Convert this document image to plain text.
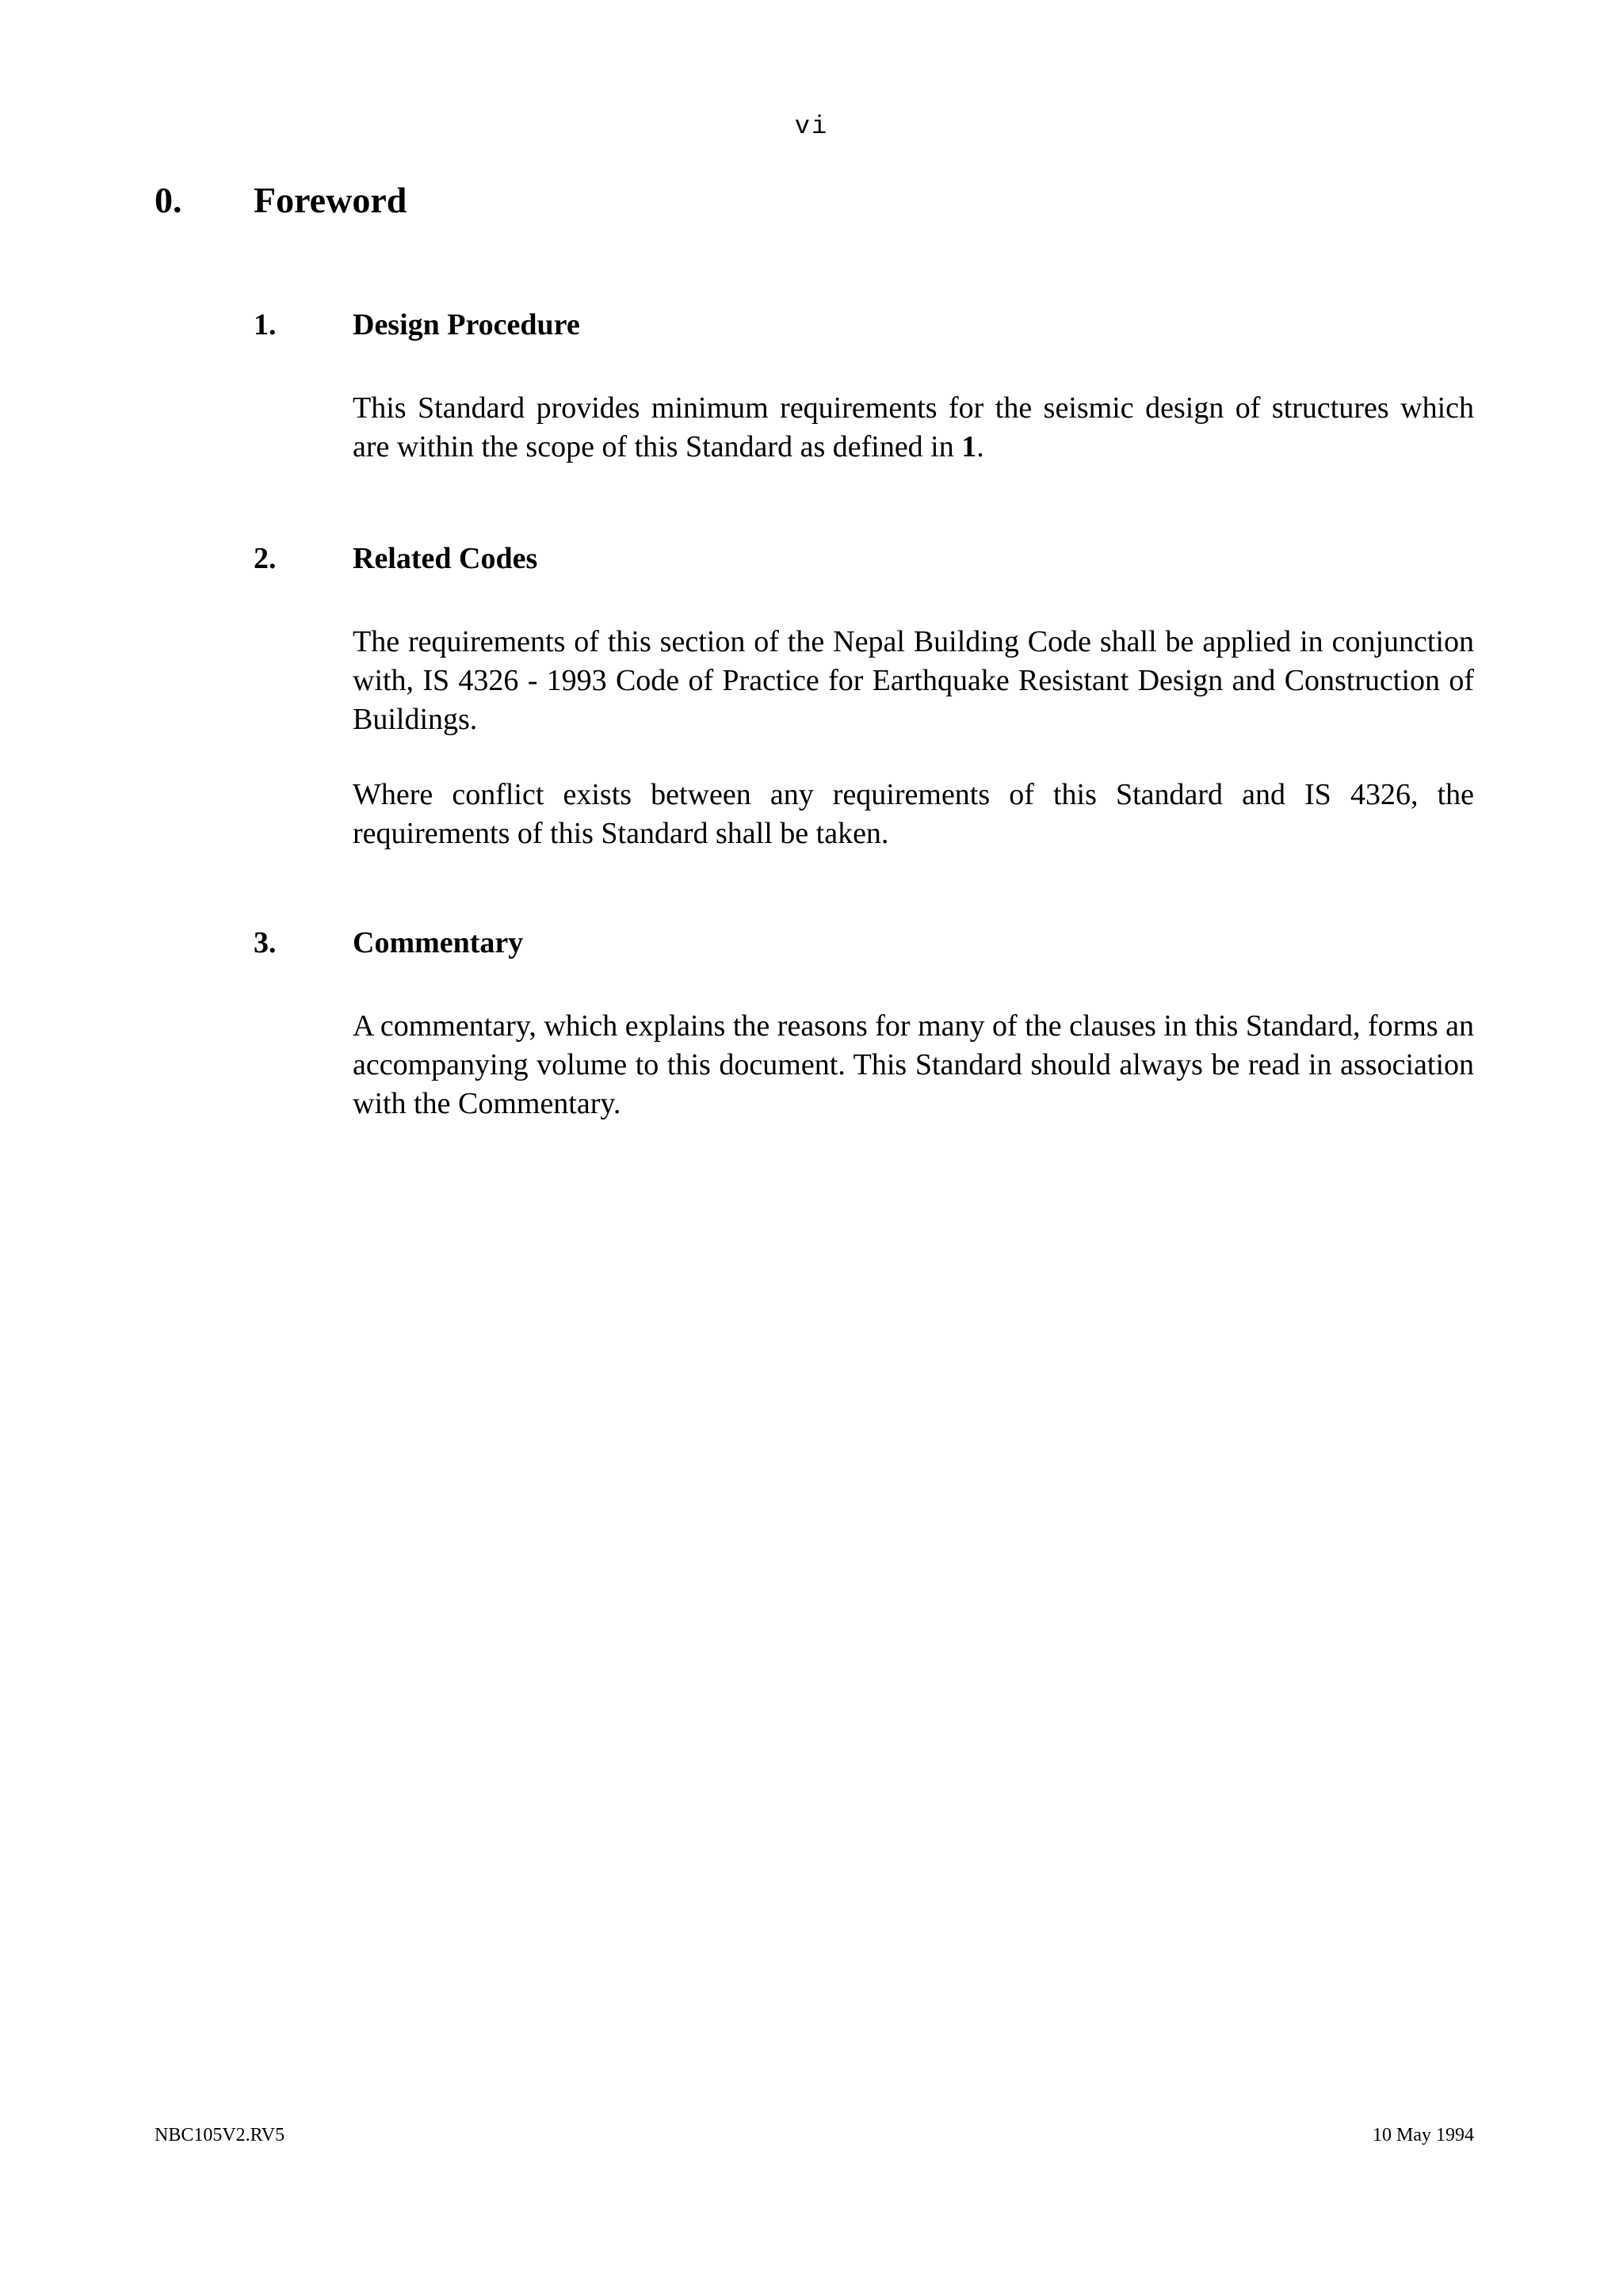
vi
0. Foreword
1.	Design Procedure

This Standard provides minimum requirements for the seismic design of structures which are within the scope of this Standard as defined in 1.

2.	Related Codes

The requirements of this section of the Nepal Building Code shall be applied in conjunction with, IS 4326 - 1993 Code of Practice for Earthquake Resistant Design and Construction of Buildings.

Where conflict exists between any requirements of this Standard and IS 4326, the requirements of this Standard shall be taken.

3.	Commentary

A commentary, which explains the reasons for many of the clauses in this Standard, forms an accompanying volume to this document. This Standard should always be read in association with the Commentary.

NBC105V2.RV5	10 May 1994
